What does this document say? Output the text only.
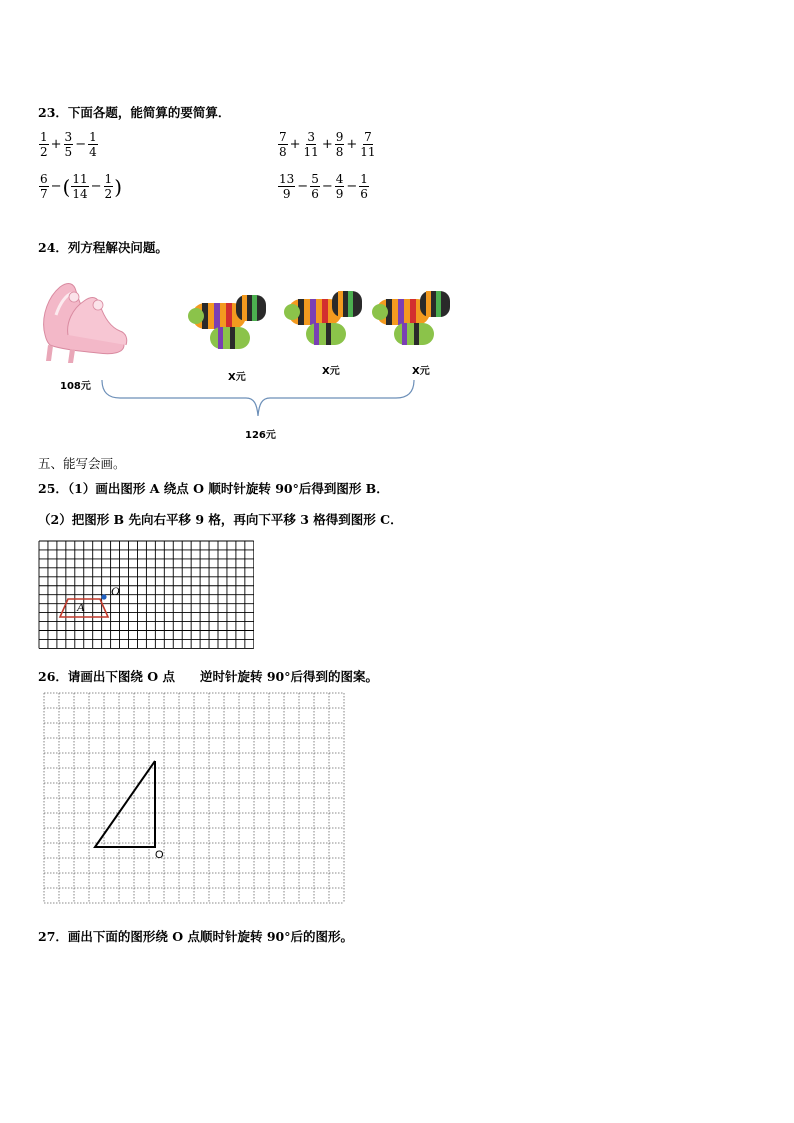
23．下面各题，能简算的要简算．
$\frac{1}{2} + \frac{3}{5} - \frac{1}{4}$	$\frac{7}{8} + \frac{3}{11} + \frac{9}{8} + \frac{7}{11}$
$\frac{6}{7}$ − ( $\frac{11}{14} - \frac{1}{2}$ )	$\frac{13}{9} - \frac{5}{6} - \frac{4}{9} - \frac{1}{6}$
24．列方程解决问题。
108元
X元
X元	X元
126元
五、能写会画。
25．（1）画出图形 A 绕点 O 顺时针旋转 90°后得到图形 B．
（2）把图形 B 先向右平移 9 格，再向下平移 3 格得到图形 C．
A
O
26．请画出下图绕 O 点　　逆时针旋转 90°后得到的图案。
O
27．画出下面的图形绕 O 点顺时针旋转 90°后的图形。
